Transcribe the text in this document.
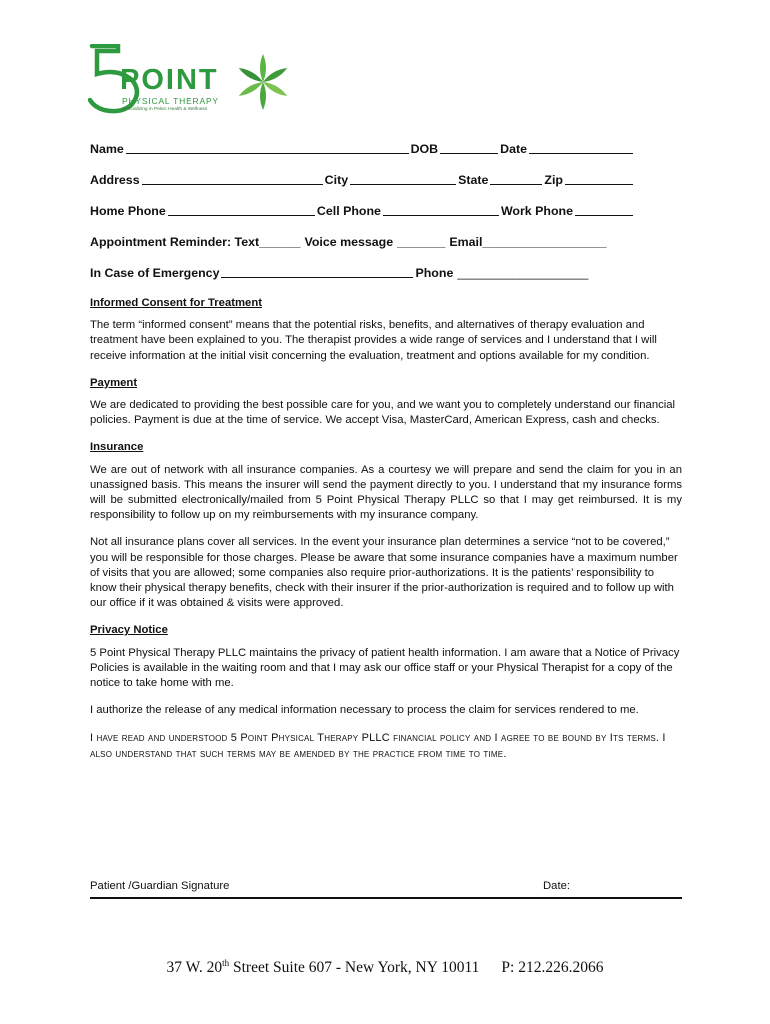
POINT
PHYSICAL THERAPY
Specializing in Pelvic Health & Wellness
Name	DOB	Date
Address	City	State	Zip
Home Phone	Cell Phone	Work Phone
Appointment Reminder: Text ______ Voice message _______ Email __________________
In Case of Emergency	Phone ___________________
Informed Consent for Treatment
The term “informed consent” means that the potential risks, benefits, and alternatives of therapy evaluation and treatment have been explained to you. The therapist provides a wide range of services and I understand that I will receive information at the initial visit concerning the evaluation, treatment and options available for my condition.
Payment
We are dedicated to providing the best possible care for you, and we want you to completely understand our financial policies. Payment is due at the time of service. We accept Visa, MasterCard, American Express, cash and checks.
Insurance
We are out of network with all insurance companies. As a courtesy we will prepare and send the claim for you in an unassigned basis. This means the insurer will send the payment directly to you. I understand that my insurance forms will be submitted electronically/mailed from 5 Point Physical Therapy PLLC so that I may get reimbursed. It is my responsibility to follow up on my reimbursements with my insurance company.
Not all insurance plans cover all services. In the event your insurance plan determines a service “not to be covered,” you will be responsible for those charges. Please be aware that some insurance companies have a maximum number of visits that you are allowed; some companies also require prior-authorizations. It is the patients’ responsibility to know their physical therapy benefits, check with their insurer if the prior-authorization is required and to follow up with our office if it was obtained & visits were approved.
Privacy Notice
5 Point Physical Therapy PLLC maintains the privacy of patient health information. I am aware that a Notice of Privacy Policies is available in the waiting room and that I may ask our office staff or your Physical Therapist for a copy of the notice to take home with me.
I authorize the release of any medical information necessary to process the claim for services rendered to me.
I have read and understood 5 Point Physical Therapy PLLC financial policy and I agree to be bound by Its terms. I also understand that such terms may be amended by the practice from time to time.
Patient /Guardian Signature	Date:
37 W. 20th Street Suite 607 - New York, NY 10011 P: 212.226.2066
